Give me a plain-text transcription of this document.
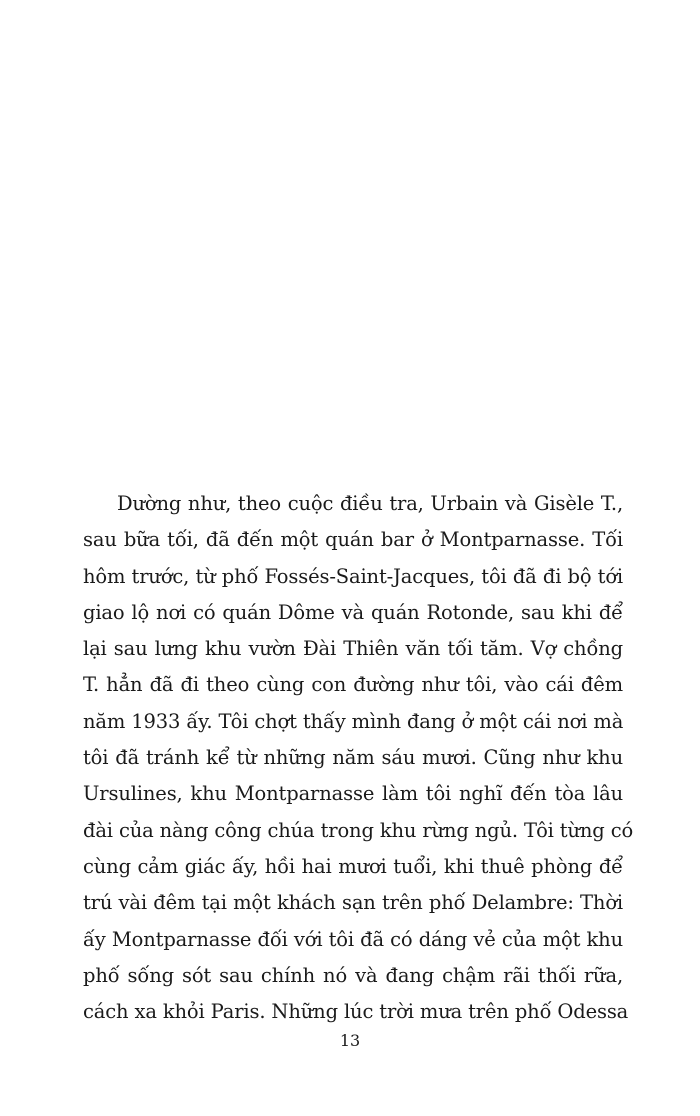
Dường như, theo cuộc điều tra, Urbain và Gisèle T.,
sau bữa tối, đã đến một quán bar ở Montparnasse. Tối
hôm trước, từ phố Fossés-Saint-Jacques, tôi đã đi bộ tới
giao lộ nơi có quán Dôme và quán Rotonde, sau khi để
lại sau lưng khu vườn Đài Thiên văn tối tăm. Vợ chồng
T. hẳn đã đi theo cùng con đường như tôi, vào cái đêm
năm 1933 ấy. Tôi chợt thấy mình đang ở một cái nơi mà
tôi đã tránh kể từ những năm sáu mươi. Cũng như khu
Ursulines, khu Montparnasse làm tôi nghĩ đến tòa lâu
đài của nàng công chúa trong khu rừng ngủ. Tôi từng có
cùng cảm giác ấy, hồi hai mươi tuổi, khi thuê phòng để
trú vài đêm tại một khách sạn trên phố Delambre: Thời
ấy Montparnasse đối với tôi đã có dáng vẻ của một khu
phố sống sót sau chính nó và đang chậm rãi thối rữa,
cách xa khỏi Paris. Những lúc trời mưa trên phố Odessa

13
